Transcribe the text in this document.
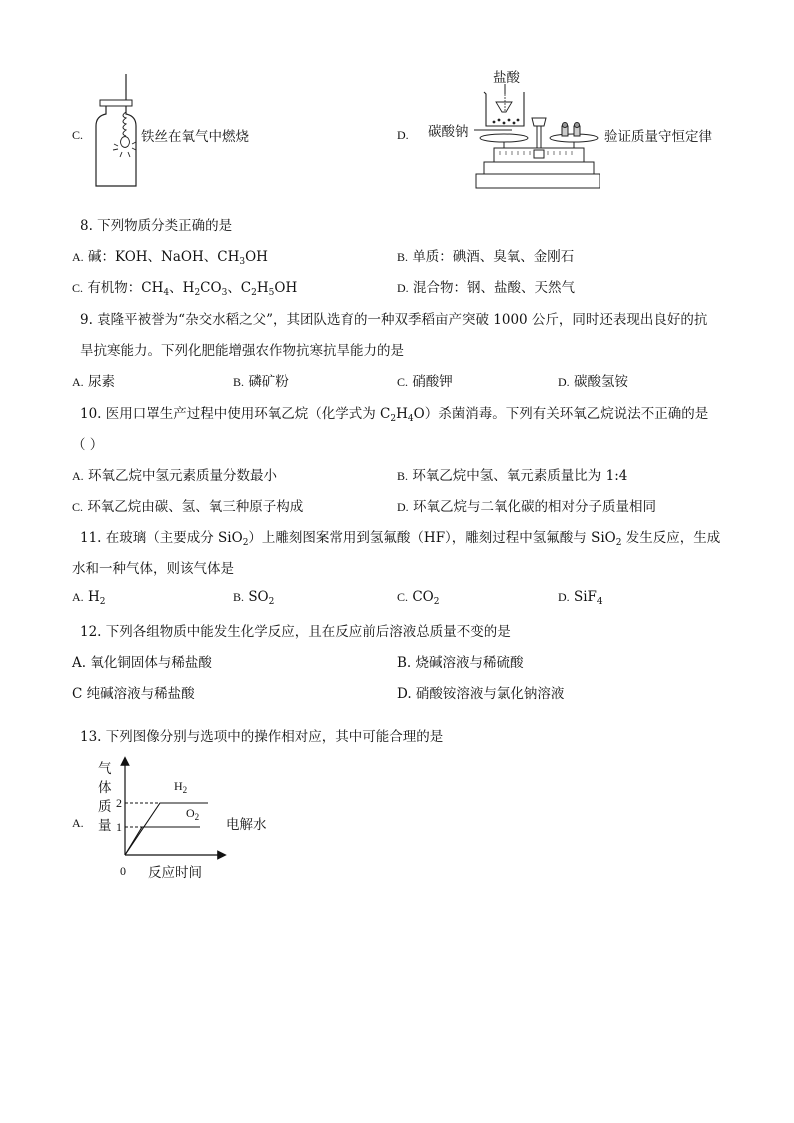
C.	铁丝在氧气中燃烧	D.
盐酸
碳酸钠	验证质量守恒定律
8. 下列物质分类正确的是
A. 碱：KOH、NaOH、$CH_3OH$	B. 单质：碘酒、臭氧、金刚石
C. 有机物：$CH_4$、$H_2CO_3$、$C_2H_5OH$	D. 混合物：钢、盐酸、天然气
9. 袁隆平被誉为“杂交水稻之父”，其团队选育的一种双季稻亩产突破 1000 公斤，同时还表现出良好的抗
旱抗寒能力。下列化肥能增强农作物抗寒抗旱能力的是
A. 尿素	B. 磷矿粉	C. 硝酸钾	D. 碳酸氢铵
10. 医用口罩生产过程中使用环氧乙烷（化学式为 $C_2H_4O$）杀菌消毒。下列有关环氧乙烷说法不正确的是
（ ）
A. 环氧乙烷中氢元素质量分数最小	B. 环氧乙烷中氢、氧元素质量比为 1:4
C. 环氧乙烷由碳、氢、氧三种原子构成	D. 环氧乙烷与二氧化碳的相对分子质量相同
11. 在玻璃（主要成分 SiO$_2$）上雕刻图案常用到氢氟酸（HF），雕刻过程中氢氟酸与 SiO$_2$ 发生反应，生成
水和一种气体，则该气体是
A. $H_2$	B. $SO_2$	C. $CO_2$	D. SiF$_4$
12. 下列各组物质中能发生化学反应，且在反应前后溶液总质量不变的是
A. 氧化铜固体与稀盐酸	B. 烧碱溶液与稀硫酸
C 纯碱溶液与稀盐酸	D. 硝酸铵溶液与氯化钠溶液
13. 下列图像分别与选项中的操作相对应，其中可能合理的是
A.
气
体
质
量
2
1
0 反应时间
$H_2$
$O_2$ 电解水
